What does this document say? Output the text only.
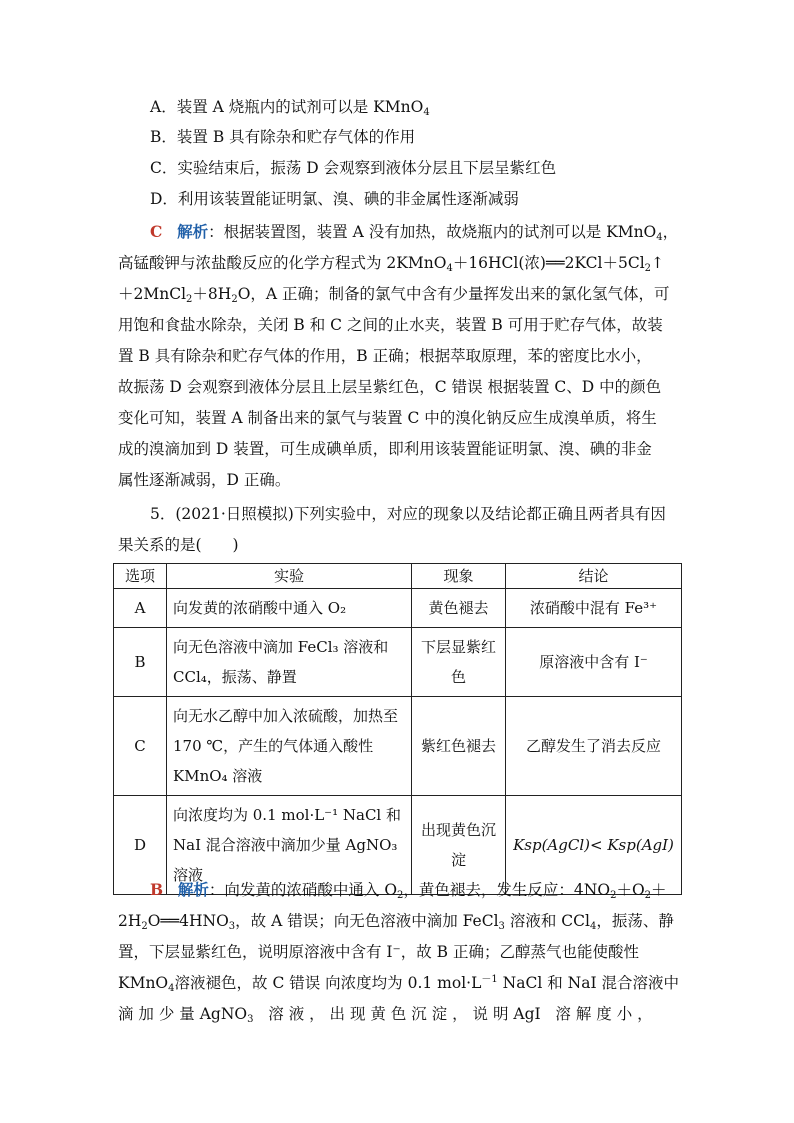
A．装置 A 烧瓶内的试剂可以是 KMnO$_4$
B．装置 B 具有除杂和贮存气体的作用
C．实验结束后，振荡 D 会观察到液体分层且下层呈紫红色
D．利用该装置能证明氯、溴、碘的非金属性逐渐减弱
C 解析：根据装置图，装置 A 没有加热，故烧瓶内的试剂可以是 KMnO$_4$，
高锰酸钾与浓盐酸反应的化学方程式为 2KMnO$_4$＋16HCl(浓)$══2KCl+5Cl_2↑$
$+2MnCl_2+8H_2O$，A 正确；制备的氯气中含有少量挥发出来的氯化氢气体，可
用饱和食盐水除杂，关闭 B 和 C 之间的止水夹，装置 B 可用于贮存气体，故装
置 B 具有除杂和贮存气体的作用，B 正确；根据萃取原理，苯的密度比水小，
故振荡 D 会观察到液体分层且上层呈紫红色，C 错误 根据装置 C、D 中的颜色
变化可知，装置 A 制备出来的氯气与装置 C 中的溴化钠反应生成溴单质，将生
成的溴滴加到 D 装置，可生成碘单质，即利用该装置能证明氯、溴、碘的非金
属性逐渐减弱，D 正确。
5．(2021·日照模拟)下列实验中，对应的现象以及结论都正确且两者具有因
果关系的是(　　)
选项	实验	现象	结论
A	向发黄的浓硝酸中通入 O₂	黄色褪去	浓硝酸中混有 Fe³⁺
B	向无色溶液中滴加 FeCl₃ 溶液和 CCl₄，振荡、静置	下层显紫红色	原溶液中含有 I⁻
C	向无水乙醇中加入浓硫酸，加热至 170 ℃，产生的气体通入酸性 KMnO₄ 溶液	紫红色褪去	乙醇发生了消去反应
D	向浓度均为 0.1 mol·L⁻¹ NaCl 和 NaI 混合溶液中滴加少量 AgNO₃ 溶液	出现黄色沉淀	Ksp(AgCl)< Ksp(AgI)
B 解析：向发黄的浓硝酸中通入 $O_2$，黄色褪去，发生反应：$4NO_2+O_2+$
$2H_2O══4HNO_3$，故 A 错误；向无色溶液中滴加 FeCl$_3$ 溶液和 CCl$_4$，振荡、静
置，下层显紫红色，说明原溶液中含有 I⁻，故 B 正确；乙醇蒸气也能使酸性
KMnO$_4$溶液褪色，故 C 错误 向浓度均为 0.1 $mol\cdot L^{-1}$ NaCl 和 NaI 混合溶液中
滴 加 少 量 AgNO$_3$   溶 液 ， 出 现 黄 色 沉 淀 ， 说 明 AgI   溶 解 度 小 ，
